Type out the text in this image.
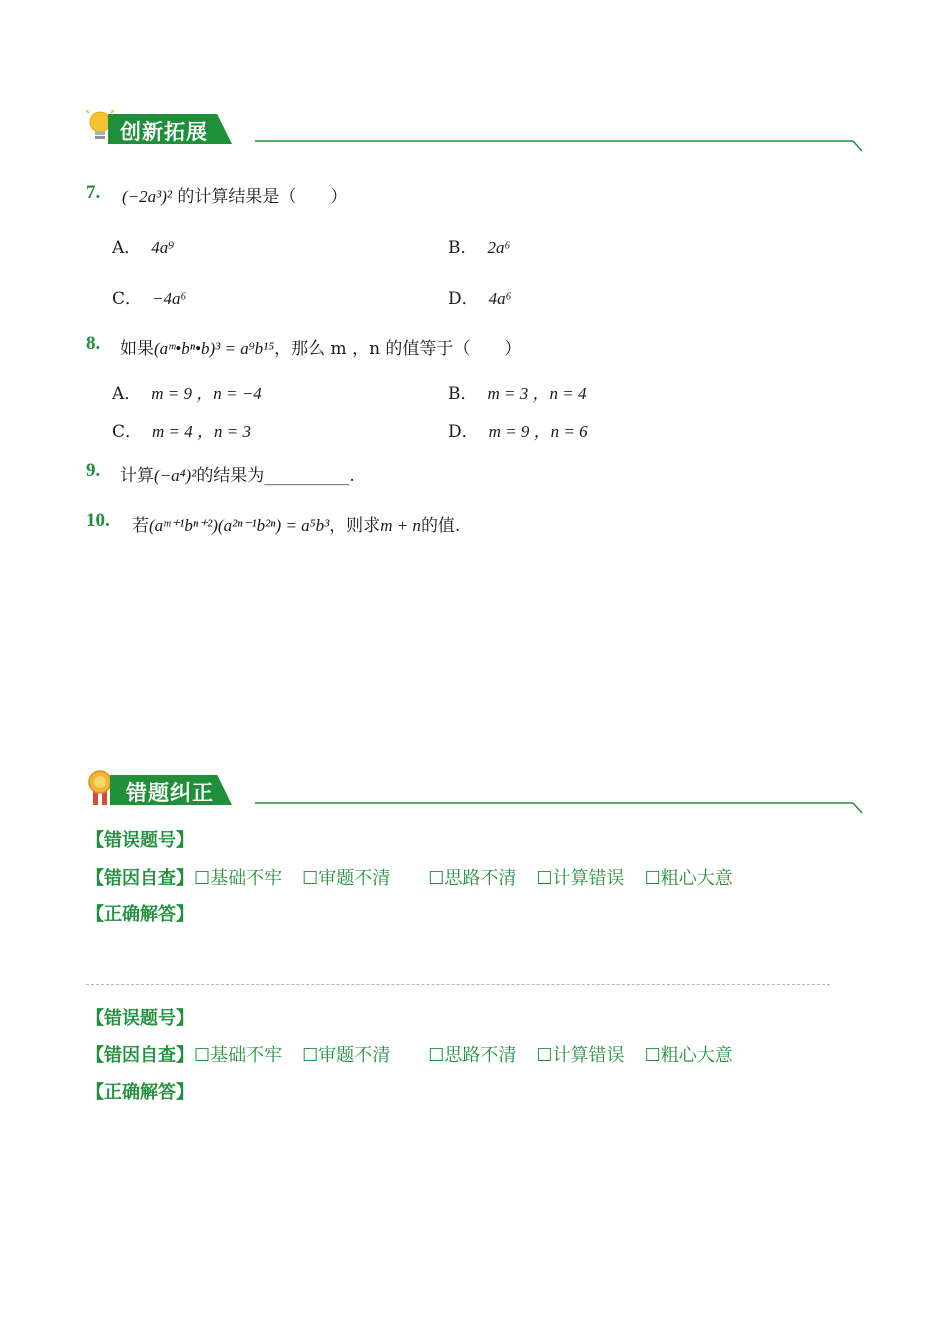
创新拓展
7. (−2a³)² 的计算结果是（　　）
A． 4a⁹	B． 2a⁶
C． −4a⁶	D． 4a⁶
8. 如果(aᵐ•bⁿ•b)³ = a⁹b¹⁵，那么 m ，n 的值等于（　　）
A． m = 9 ，n = −4	B． m = 3 ，n = 4
C． m = 4 ，n = 3	D． m = 9 ，n = 6
9. 计算(−a⁴)²的结果为__________.
10. 若(aᵐ⁺¹bⁿ⁺²)(a²ⁿ⁻¹b²ⁿ) = a⁵b³，则求m + n的值.
错题纠正
【错误题号】
【错因自查】☐基础不牢 ☐审题不清 ☐思路不清 ☐计算错误 ☐粗心大意
【正确解答】
【错误题号】
【错因自查】☐基础不牢 ☐审题不清 ☐思路不清 ☐计算错误 ☐粗心大意
【正确解答】
